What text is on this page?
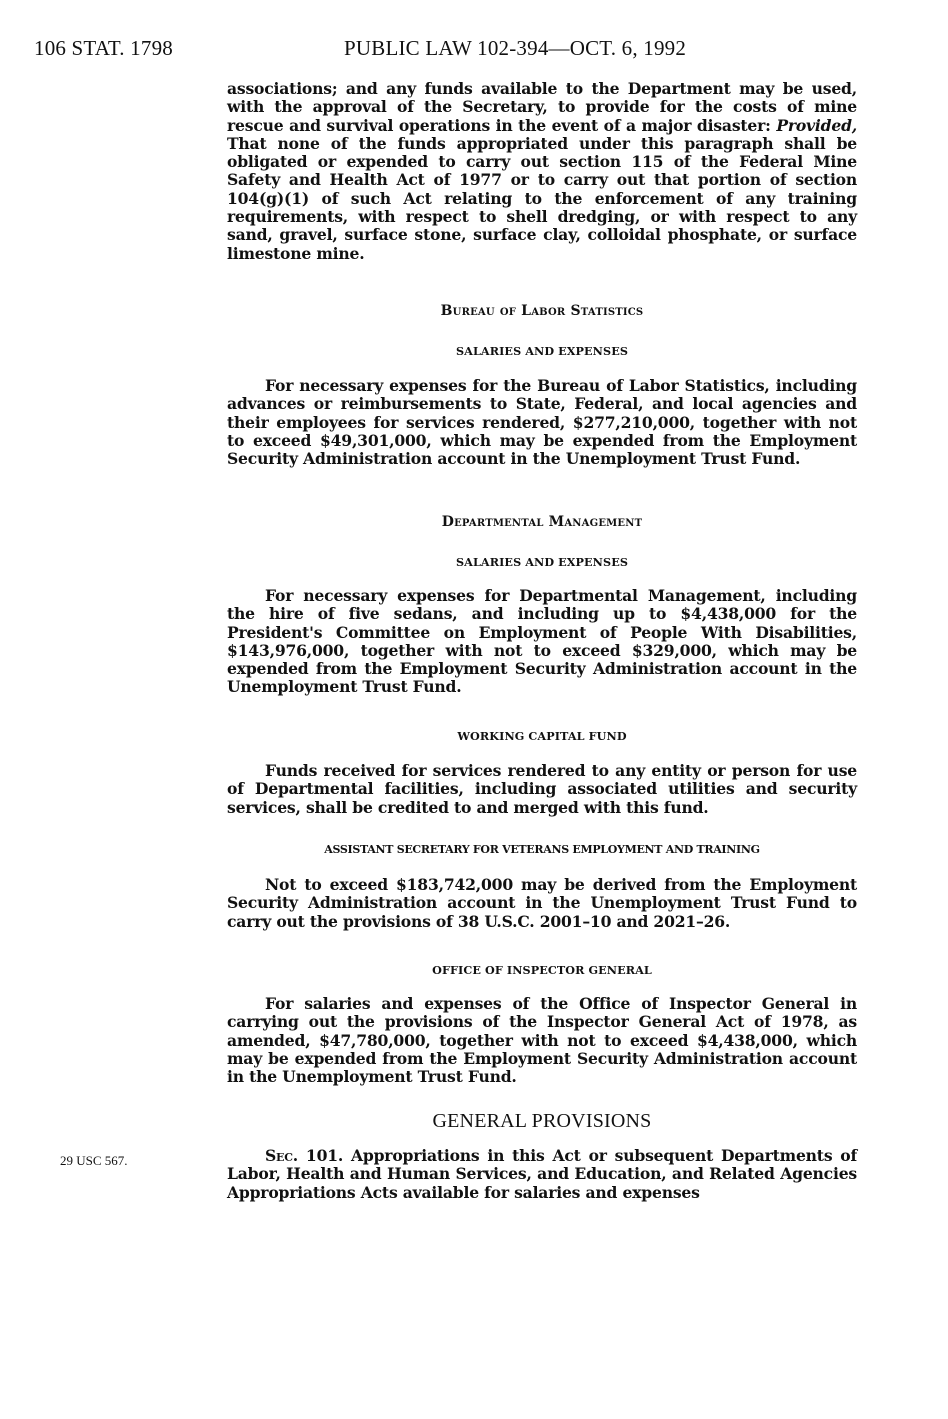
106 STAT. 1798	PUBLIC LAW 102-394—OCT. 6, 1992

associations; and any funds available to the Department may be used, with the approval of the Secretary, to provide for the costs of mine rescue and survival operations in the event of a major disaster: Provided, That none of the funds appropriated under this paragraph shall be obligated or expended to carry out section 115 of the Federal Mine Safety and Health Act of 1977 or to carry out that portion of section 104(g)(1) of such Act relating to the enforcement of any training requirements, with respect to shell dredging, or with respect to any sand, gravel, surface stone, surface clay, colloidal phosphate, or surface limestone mine.

Bureau of Labor Statistics
SALARIES AND EXPENSES

For necessary expenses for the Bureau of Labor Statistics, including advances or reimbursements to State, Federal, and local agencies and their employees for services rendered, $277,210,000, together with not to exceed $49,301,000, which may be expended from the Employment Security Administration account in the Unemployment Trust Fund.

Departmental Management
SALARIES AND EXPENSES

For necessary expenses for Departmental Management, including the hire of five sedans, and including up to $4,438,000 for the President's Committee on Employment of People With Disabilities, $143,976,000, together with not to exceed $329,000, which may be expended from the Employment Security Administration account in the Unemployment Trust Fund.

WORKING CAPITAL FUND

Funds received for services rendered to any entity or person for use of Departmental facilities, including associated utilities and security services, shall be credited to and merged with this fund.

ASSISTANT SECRETARY FOR VETERANS EMPLOYMENT AND TRAINING

Not to exceed $183,742,000 may be derived from the Employment Security Administration account in the Unemployment Trust Fund to carry out the provisions of 38 U.S.C. 2001–10 and 2021–26.

OFFICE OF INSPECTOR GENERAL

For salaries and expenses of the Office of Inspector General in carrying out the provisions of the Inspector General Act of 1978, as amended, $47,780,000, together with not to exceed $4,438,000, which may be expended from the Employment Security Administration account in the Unemployment Trust Fund.

GENERAL PROVISIONS
29 USC 567.	Sec. 101. Appropriations in this Act or subsequent Departments of Labor, Health and Human Services, and Education, and Related Agencies Appropriations Acts available for salaries and expenses
